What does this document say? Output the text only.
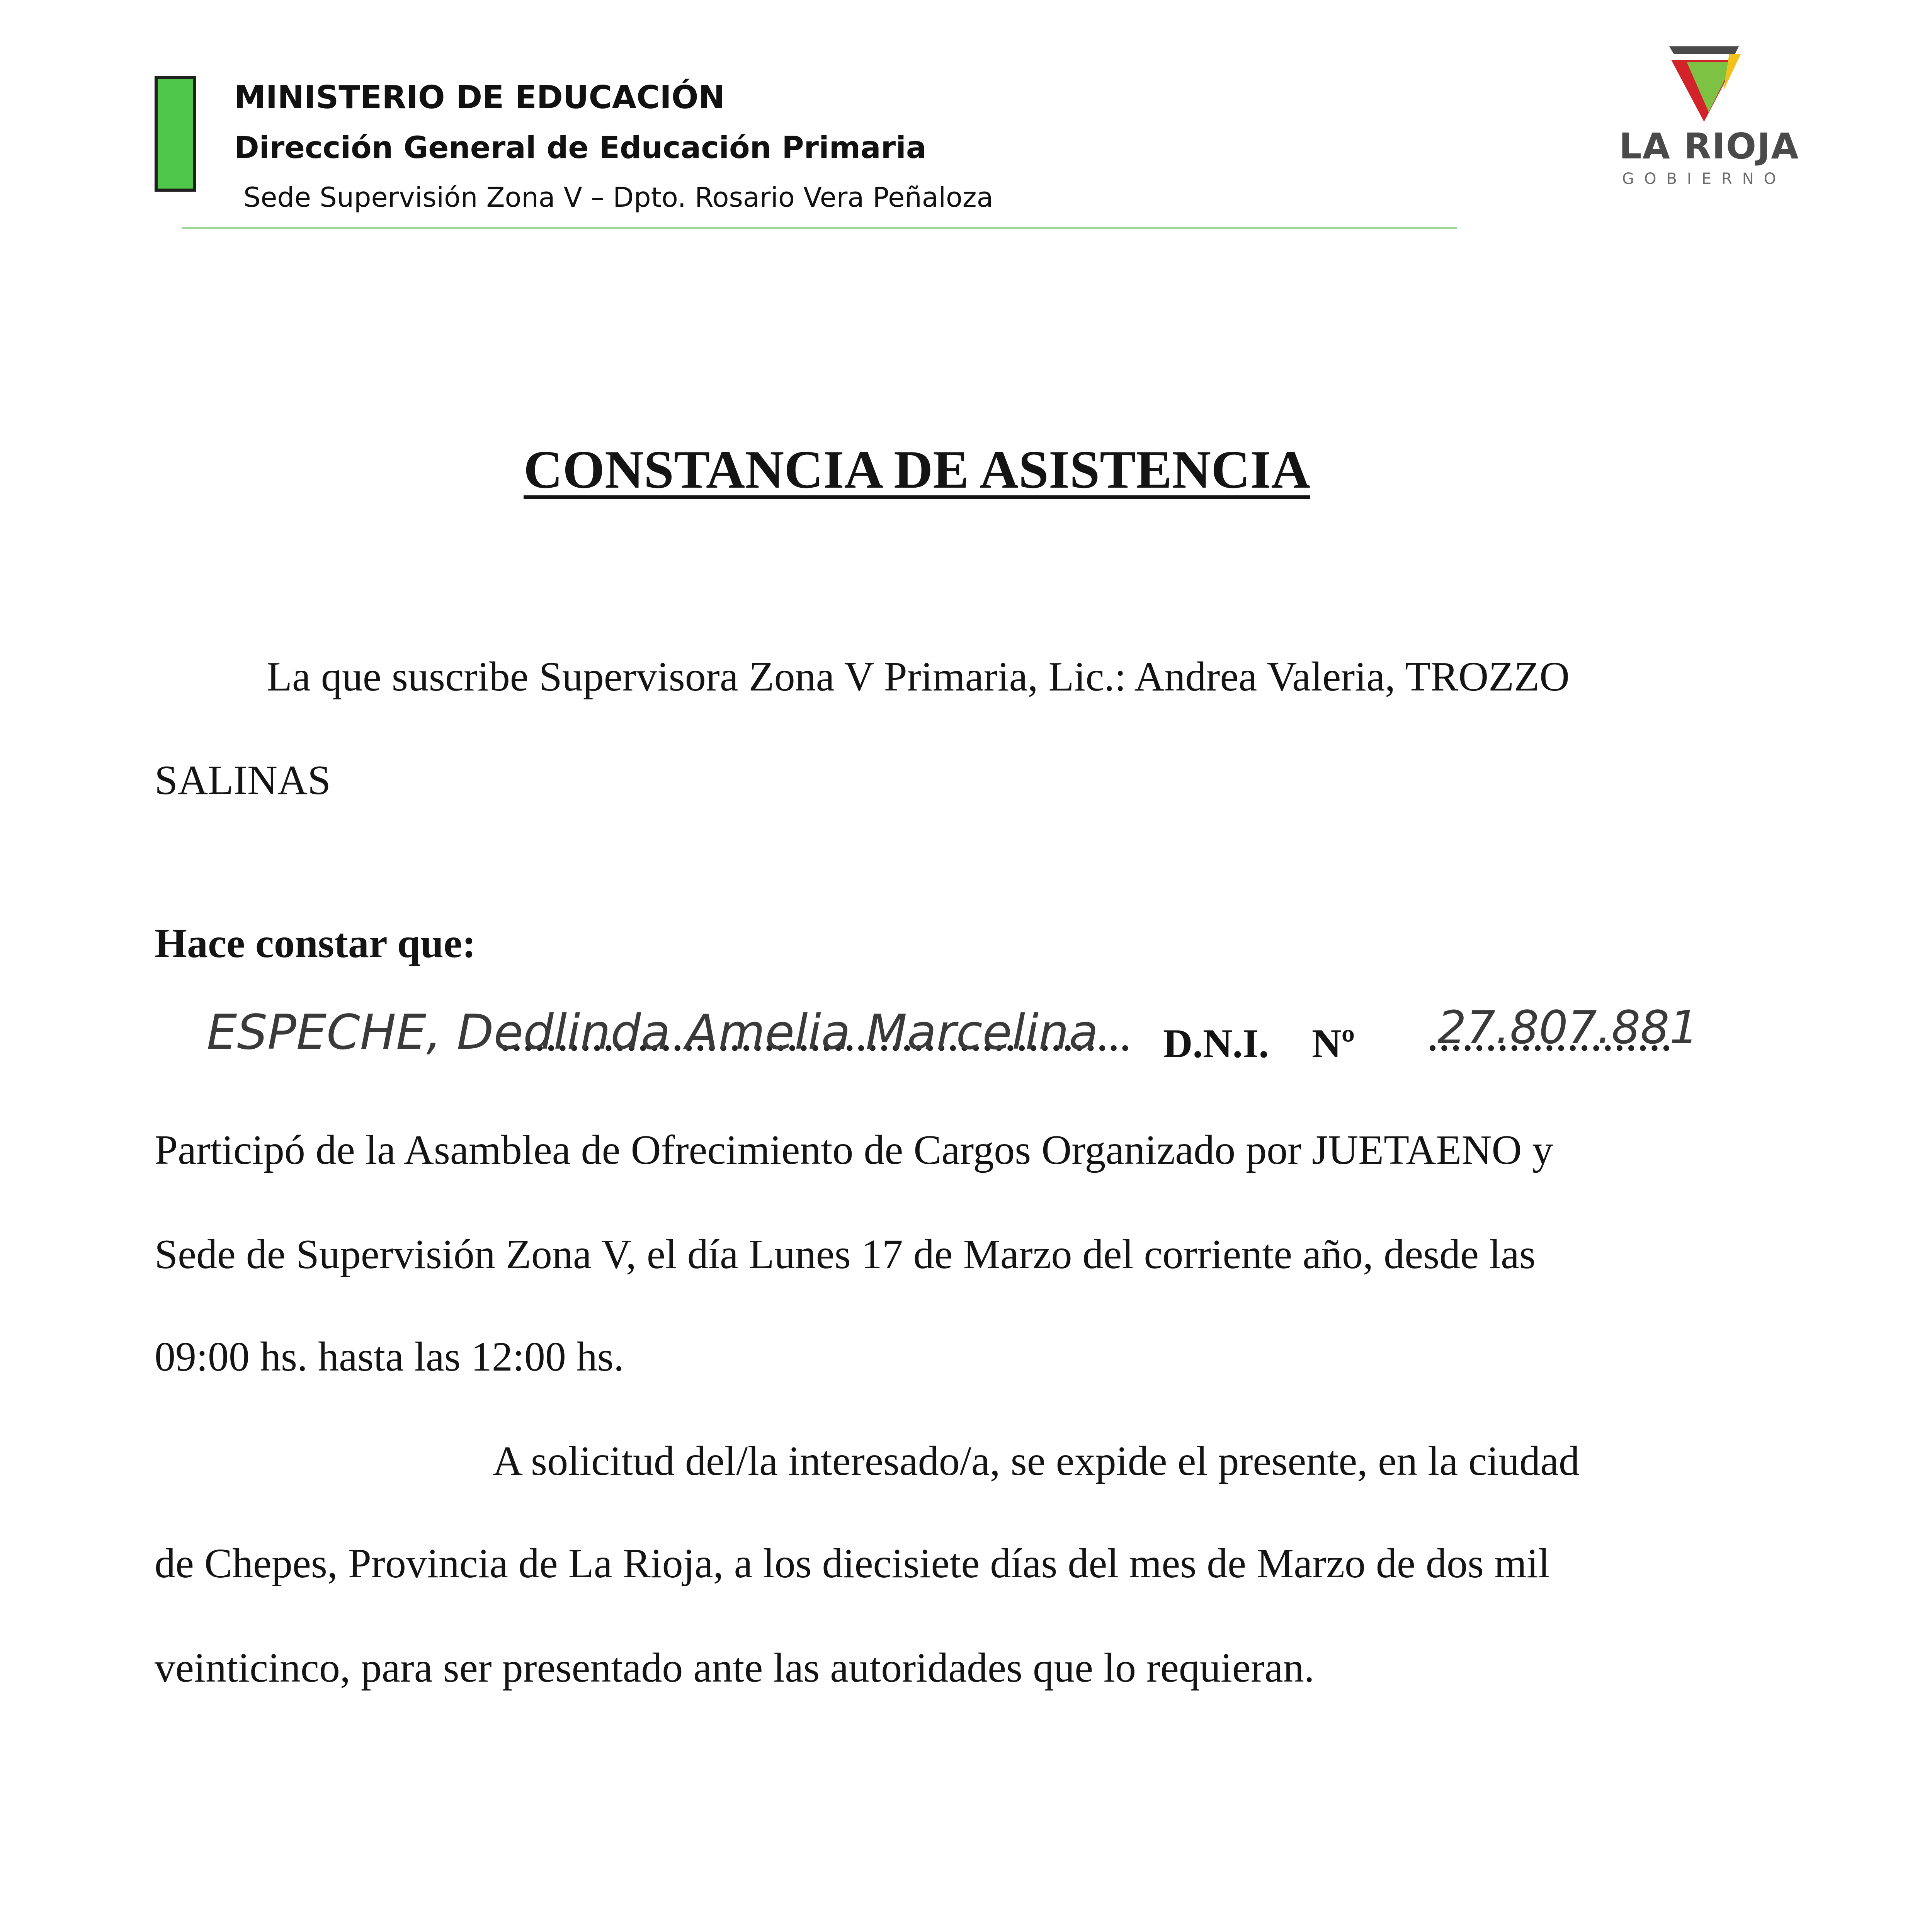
MINISTERIO DE EDUCACIÓN
Dirección General de Educación Primaria
Sede Supervisión Zona V – Dpto. Rosario Vera Peñaloza
LA RIOJA
GOBIERNO
CONSTANCIA DE ASISTENCIA
La que suscribe Supervisora Zona V Primaria, Lic.: Andrea Valeria, TROZZO
SALINAS
Hace constar que:
ESPECHE, Dedlinda Amelia Marcelina D.N.I. Nº 27.807.881
Participó de la Asamblea de Ofrecimiento de Cargos Organizado por JUETAENO y
Sede de Supervisión Zona V, el día Lunes 17 de Marzo del corriente año, desde las
09:00 hs. hasta las 12:00 hs.
A solicitud del/la interesado/a, se expide el presente, en la ciudad
de Chepes, Provincia de La Rioja, a los diecisiete días del mes de Marzo de dos mil
veinticinco, para ser presentado ante las autoridades que lo requieran.
